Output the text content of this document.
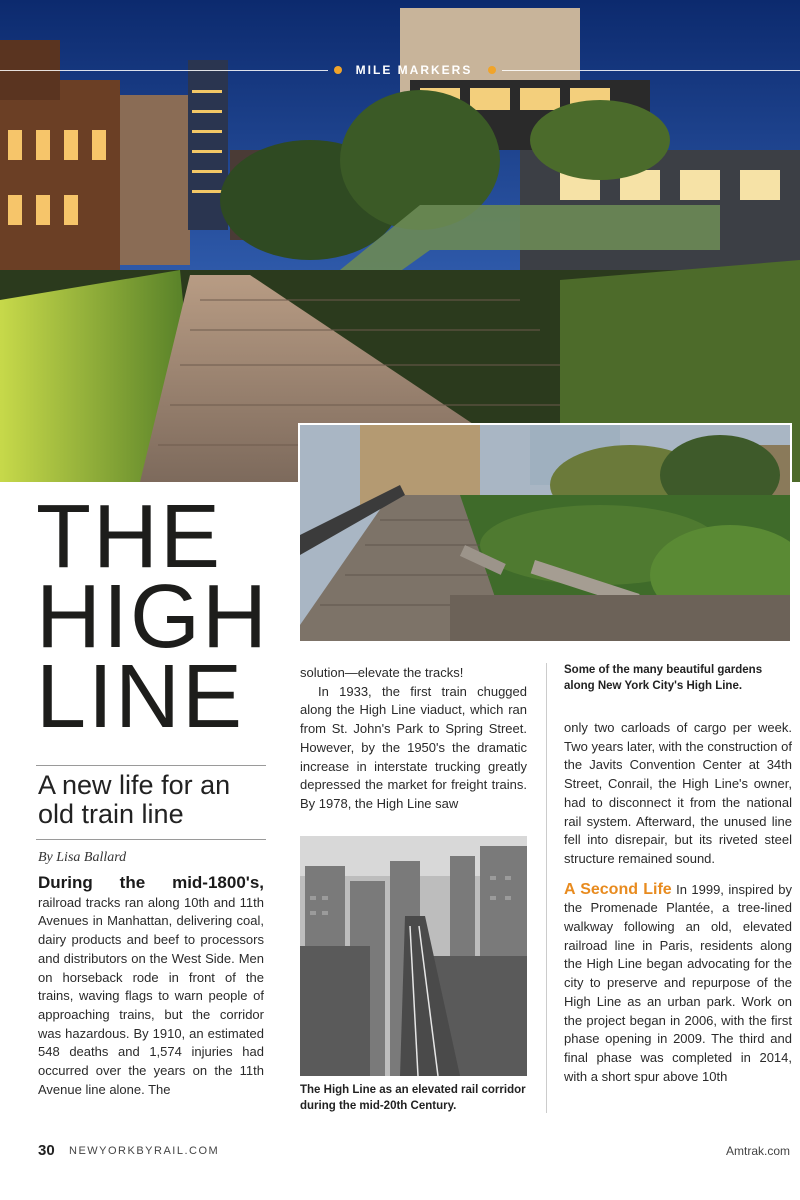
MILE MARKERS
THE
HIGH
LINE
A new life for an old train line
By Lisa Ballard
During the mid-1800's, railroad tracks ran along 10th and 11th Avenues in Manhattan, delivering coal, dairy products and beef to processors and distributors on the West Side. Men on horseback rode in front of the trains, waving flags to warn people of approaching trains, but the corridor was hazardous. By 1910, an estimated 548 deaths and 1,574 injuries had occurred over the years on the 11th Avenue line alone. The

solution—elevate the tracks!

In 1933, the first train chugged along the High Line viaduct, which ran from St. John's Park to Spring Street. However, by the 1950's the dramatic increase in interstate trucking greatly depressed the market for freight trains. By 1978, the High Line saw

The High Line as an elevated rail corridor during the mid-20th Century.
Some of the many beautiful gardens along New York City's High Line.

only two carloads of cargo per week. Two years later, with the construction of the Javits Convention Center at 34th Street, Conrail, the High Line's owner, had to disconnect it from the national rail system. Afterward, the unused line fell into disrepair, but its riveted steel structure remained sound.

A Second Life In 1999, inspired by the Promenade Plantée, a tree-lined walkway following an old, elevated railroad line in Paris, residents along the High Line began advocating for the city to preserve and repurpose of the High Line as an urban park. Work on the project began in 2006, with the first phase opening in 2009. The third and final phase was completed in 2014, with a short spur above 10th

30 NEWYORKBYRAIL.COM	Amtrak.com
